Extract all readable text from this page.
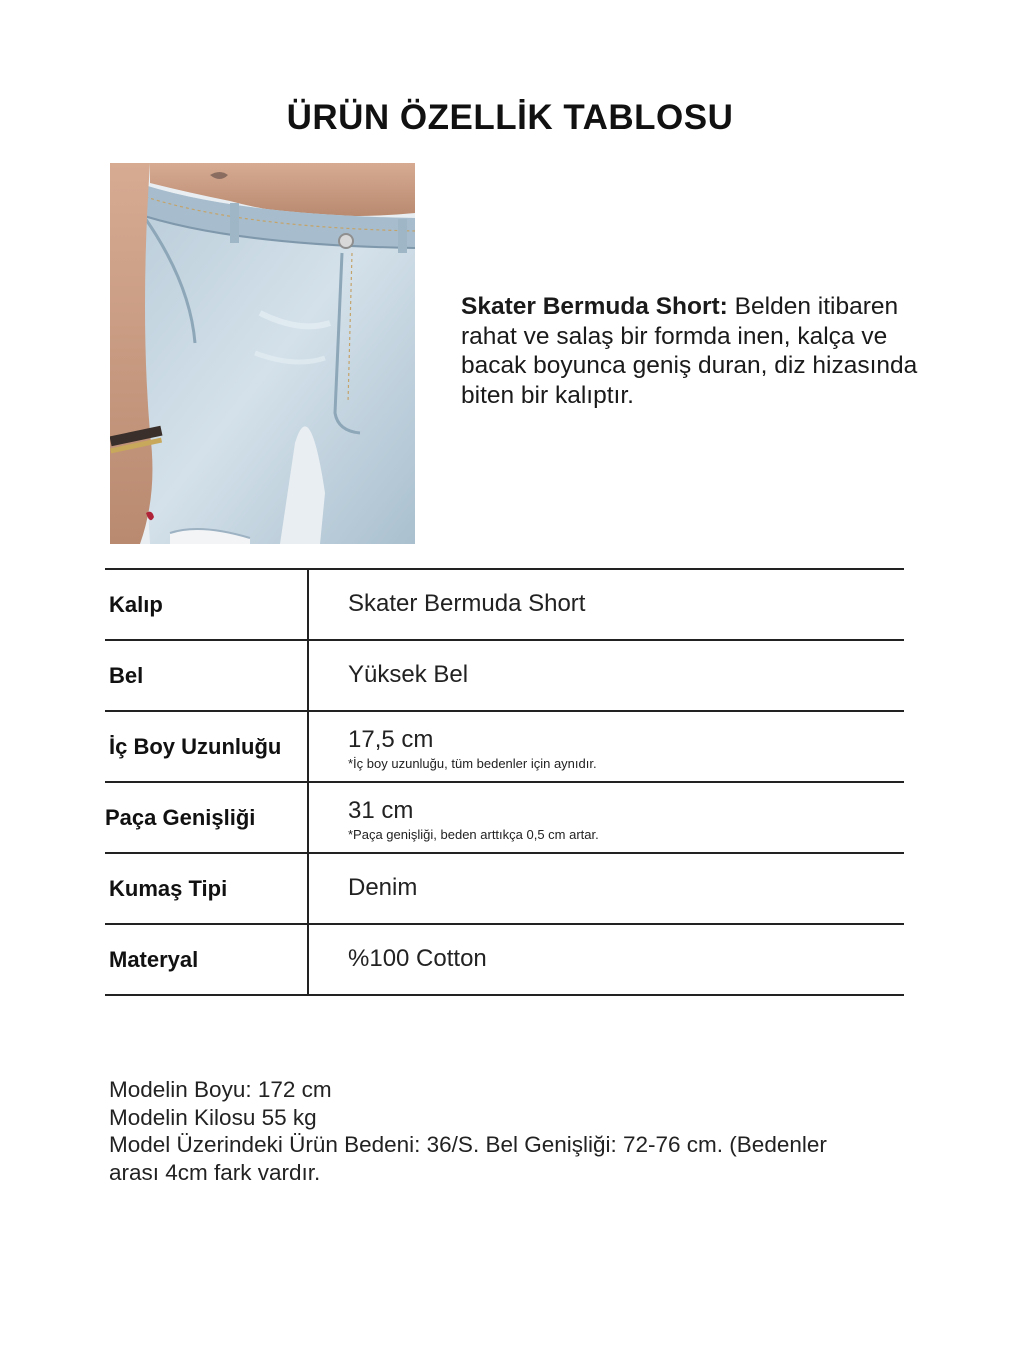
ÜRÜN ÖZELLİK TABLOSU
Skater Bermuda Short: Belden itibaren rahat ve salaş bir formda inen, kalça ve bacak boyunca geniş duran, diz hizasında biten bir kalıptır.
Kalıp	Skater Bermuda Short
Bel	Yüksek Bel
İç Boy Uzunluğu	17,5 cm
*İç boy uzunluğu, tüm bedenler için aynıdır.
Paça Genişliği	31 cm
*Paça genişliği, beden arttıkça 0,5 cm artar.
Kumaş Tipi	Denim
Materyal	%100 Cotton
Modelin Boyu: 172 cm
Modelin Kilosu 55 kg
Model Üzerindeki Ürün Bedeni: 36/S. Bel Genişliği: 72-76 cm. (Bedenler
arası 4cm fark vardır.
